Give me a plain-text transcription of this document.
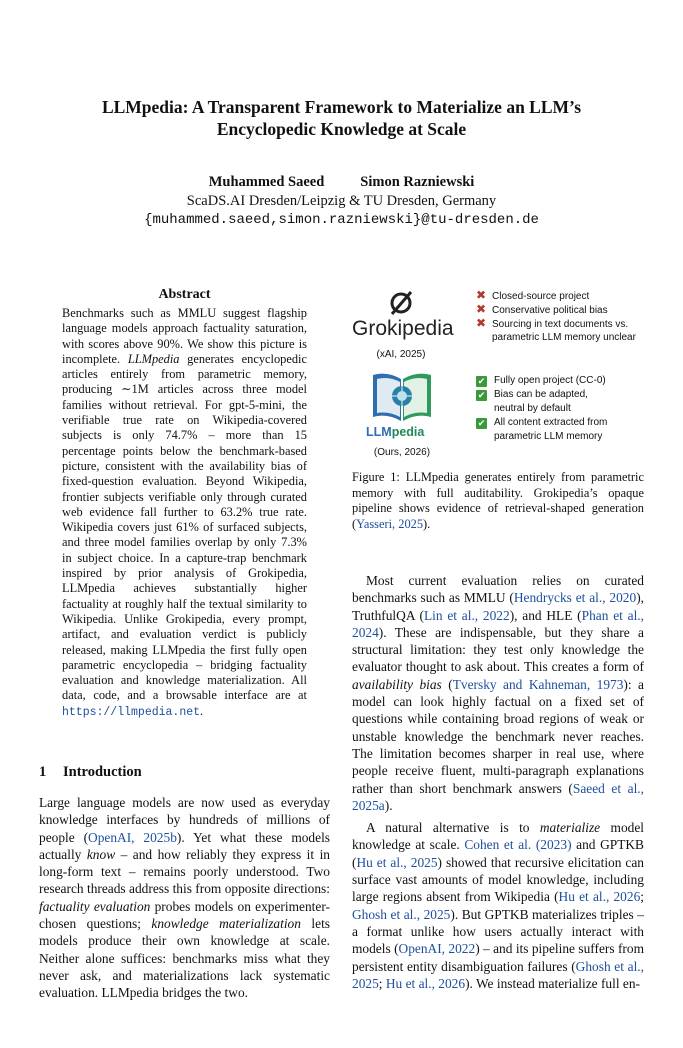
LLMpedia: A Transparent Framework to Materialize an LLM’s
Encyclopedic Knowledge at Scale
Muhammed Saeed Simon Razniewski
ScaDS.AI Dresden/Leipzig & TU Dresden, Germany
{muhammed.saeed,simon.razniewski}@tu-dresden.de
Abstract
Benchmarks such as MMLU suggest flagship language models approach factuality saturation, with scores above 90%. We show this picture is incomplete. LLMpedia generates encyclopedic articles entirely from parametric memory, producing ∼1M articles across three model families without retrieval. For gpt-5-mini, the verifiable true rate on Wikipedia-covered subjects is only 74.7% – more than 15 percentage points below the benchmark-based picture, consistent with the availability bias of fixed-question evaluation. Beyond Wikipedia, frontier subjects verifiable only through curated web evidence fall further to 63.2% true rate. Wikipedia covers just 61% of surfaced subjects, and three model families overlap by only 7.3% in subject choice. In a capture-trap benchmark inspired by prior analysis of Grokipedia, LLMpedia achieves substantially higher factuality at roughly half the textual similarity to Wikipedia. Unlike Grokipedia, every prompt, artifact, and evaluation verdict is publicly released, making LLMpedia the first fully open parametric encyclopedia – bridging factuality evaluation and knowledge materialization. All data, code, and a browsable interface are at https://llmpedia.net.
1 Introduction

Large language models are now used as everyday knowledge interfaces by hundreds of millions of people (OpenAI, 2025b). Yet what these models actually know – and how reliably they express it in long-form text – remains poorly understood. Two research threads address this from opposite directions: factuality evaluation probes models on experimenter-chosen questions; knowledge materialization lets models produce their own knowledge at scale. Neither alone suffices: benchmarks miss what they never ask, and materializations lack systematic evaluation. LLMpedia bridges the two.

Grokipedia
(xAI, 2025)
LLMpedia
(Ours, 2026)
✖ Closed-source project
✖ Conservative political bias
✖ Sourcing in text documents vs.
parametric LLM memory unclear
✔ Fully open project (CC-0)
✔ Bias can be adapted,
neutral by default
✔ All content extracted from
parametric LLM memory
Figure 1: LLMpedia generates entirely from parametric memory with full auditability. Grokipedia’s opaque pipeline shows evidence of retrieval-shaped generation (Yasseri, 2025).

Most current evaluation relies on curated benchmarks such as MMLU (Hendrycks et al., 2020), TruthfulQA (Lin et al., 2022), and HLE (Phan et al., 2024). These are indispensable, but they share a structural limitation: they test only knowledge the evaluator thought to ask about. This creates a form of availability bias (Tversky and Kahneman, 1973): a model can look highly factual on a fixed set of questions while containing broad regions of weak or unstable knowledge the benchmark never reaches. The limitation becomes sharper in real use, where people receive fluent, multi-paragraph explanations rather than short benchmark answers (Saeed et al., 2025a).

A natural alternative is to materialize model knowledge at scale. Cohen et al. (2023) and GPTKB (Hu et al., 2025) showed that recursive elicitation can surface vast amounts of model knowledge, including large regions absent from Wikipedia (Hu et al., 2026; Ghosh et al., 2025). But GPTKB materializes triples – a format unlike how users actually interact with models (OpenAI, 2022) – and its pipeline suffers from persistent entity disambiguation failures (Ghosh et al., 2025; Hu et al., 2026). We instead materialize full en-
